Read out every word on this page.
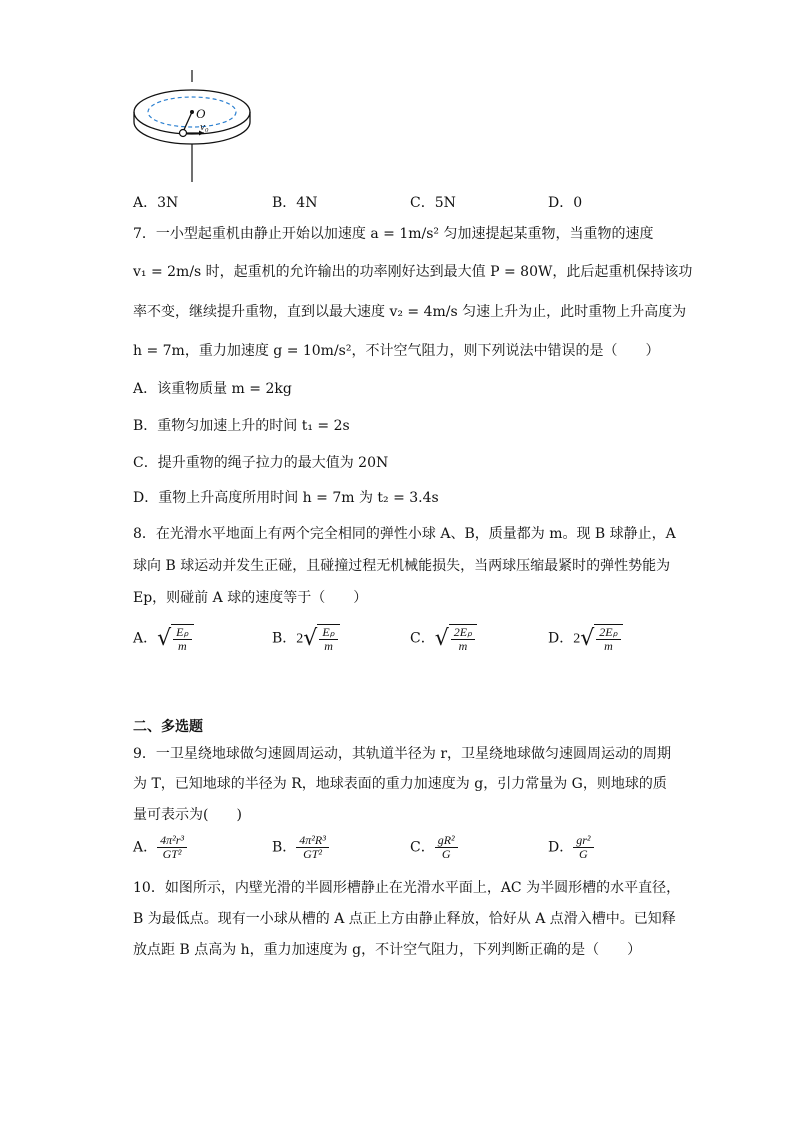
O
v₀
A．3N	B．4N	C．5N	D．0
7．一小型起重机由静止开始以加速度 a = 1m/s² 匀加速提起某重物，当重物的速度
v₁ = 2m/s 时，起重机的允许输出的功率刚好达到最大值 P = 80W，此后起重机保持该功
率不变，继续提升重物，直到以最大速度 v₂ = 4m/s 匀速上升为止，此时重物上升高度为
h = 7m，重力加速度 g = 10m/s²，不计空气阻力，则下列说法中错误的是（　　）
A．该重物质量 m = 2kg
B．重物匀加速上升的时间 t₁ = 2s
C．提升重物的绳子拉力的最大值为 20N
D．重物上升高度所用时间 h = 7m 为 t₂ = 3.4s
8．在光滑水平地面上有两个完全相同的弹性小球 A、B，质量都为 m。现 B 球静止，A
球向 B 球运动并发生正碰，且碰撞过程无机械能损失，当两球压缩最紧时的弹性势能为
Ep，则碰前 A 球的速度等于（　　）
A． √ $\frac{\text{Eₚ}}{m}$	B．2 √ $\frac{\text{Eₚ}}{m}$	C． √ $\frac{\text{2Eₚ}}{m}$	D．2 √ $\frac{\text{2Eₚ}}{m}$
二、多选题
9．一卫星绕地球做匀速圆周运动，其轨道半径为 r，卫星绕地球做匀速圆周运动的周期
为 T，已知地球的半径为 R，地球表面的重力加速度为 g，引力常量为 G，则地球的质
量可表示为(　　)
A． $\frac{\text{4π²r³}}{\text{GT²}}$	B． $\frac{\text{4π²R³}}{\text{GT²}}$	C． $\frac{\text{gR²}}{G}$	D． $\frac{\text{gr²}}{G}$
10．如图所示，内壁光滑的半圆形槽静止在光滑水平面上，AC 为半圆形槽的水平直径，
B 为最低点。现有一小球从槽的 A 点正上方由静止释放，恰好从 A 点滑入槽中。已知释
放点距 B 点高为 h，重力加速度为 g，不计空气阻力，下列判断正确的是（　　）
